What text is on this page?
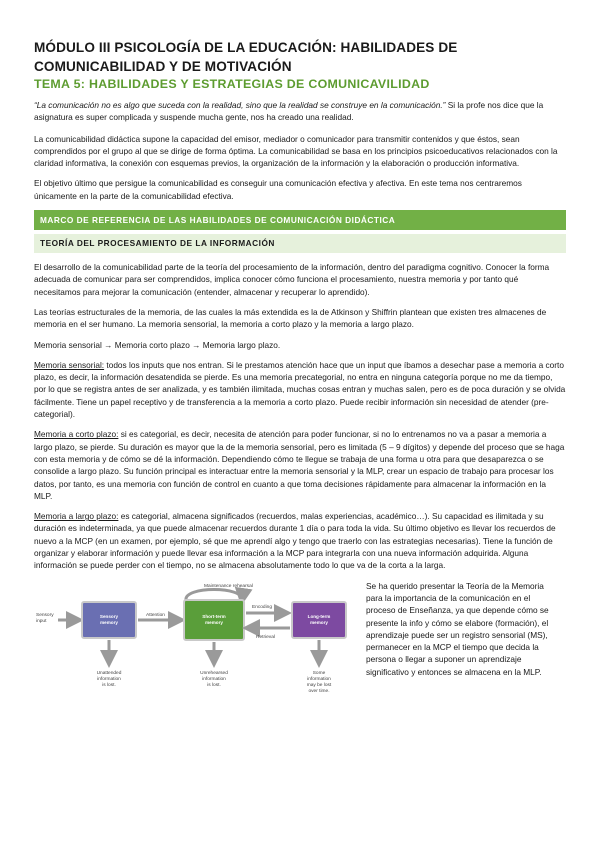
MÓDULO III PSICOLOGÍA DE LA EDUCACIÓN: HABILIDADES DE
COMUNICABILIDAD Y DE MOTIVACIÓN
TEMA 5: HABILIDADES Y ESTRATEGIAS DE COMUNICAVILIDAD
“La comunicación no es algo que suceda con la realidad, sino que la realidad se construye en la comunicación.” Si la profe nos dice que la asignatura es super complicada y suspende mucha gente, nos ha creado una realidad.

La comunicabilidad didáctica supone la capacidad del emisor, mediador o comunicador para transmitir contenidos y que éstos, sean comprendidos por el grupo al que se dirige de forma óptima. La comunicabilidad se basa en los principios psicoeducativos relacionados con la claridad informativa, la conexión con esquemas previos, la organización de la información y la elaboración o producción informativa.

El objetivo último que persigue la comunicabilidad es conseguir una comunicación efectiva y afectiva. En este tema nos centraremos únicamente en la parte de la comunicabilidad efectiva.

MARCO DE REFERENCIA DE LAS HABILIDADES DE COMUNICACIÓN DIDÁCTICA
TEORÍA DEL PROCESAMIENTO DE LA INFORMACIÓN

El desarrollo de la comunicabilidad parte de la teoría del procesamiento de la información, dentro del paradigma cognitivo. Conocer la forma adecuada de comunicar para ser comprendidos, implica conocer cómo funciona el procesamiento, nuestra memoria y por tanto qué necesitamos para mejorar la comunicación (entender, almacenar y recuperar lo aprendido).

Las teorías estructurales de la memoria, de las cuales la más extendida es la de Atkinson y Shiffrin plantean que existen tres almacenes de memoria en el ser humano. La memoria sensorial, la memoria a corto plazo y la memoria a largo plazo.

Memoria sensorial → Memoria corto plazo → Memoria largo plazo.

Memoria sensorial: todos los inputs que nos entran. Si le prestamos atención hace que un input que íbamos a desechar pase a memoria a corto plazo, es decir, la información desatendida se pierde. Es una memoria precategorial, no entra en ninguna categoría porque no me da tiempo, por lo que se registra antes de ser analizada, y es también ilimitada, muchas cosas entran y muchas salen, pero es de poca duración y se olvida fácilmente. Tiene un papel receptivo y de transferencia a la memoria a corto plazo. Puede recibir información sin necesidad de atender (pre-categorial).

Memoria a corto plazo: si es categorial, es decir, necesita de atención para poder funcionar, si no lo entrenamos no va a pasar a memoria a largo plazo, se pierde. Su duración es mayor que la de la memoria sensorial, pero es limitada (5 – 9 dígitos) y depende del proceso que se haga con esta memoria y de cómo se dé la información. Dependiendo cómo te llegue se trabaja de una forma u otra para que desaparezca o se consolide a largo plazo. Su función principal es interactuar entre la memoria sensorial y la MLP, crear un espacio de trabajo para procesar los datos, por tanto, es una memoria con función de control en cuanto a que toma decisiones rápidamente para almacenar la información en la MLP.

Memoria a largo plazo: es categorial, almacena significados (recuerdos, malas experiencias, académico…). Su capacidad es ilimitada y su duración es indeterminada, ya que puede almacenar recuerdos durante 1 día o para toda la vida. Su último objetivo es llevar los recuerdos de nuevo a la MCP (en un examen, por ejemplo, sé que me aprendí algo y tengo que traerlo con las estrategias necesarias). Tiene la función de organizar y elaborar información y puede llevar esa información a la MCP para integrarla con una nueva información adquirida. Alguna información se puede perder con el tiempo, no se almacena absolutamente todo lo que va de la corta a la larga.

Maintenance rehearsal
Sensory
input
Sensory
memory
Attention	Short-term
memory
Encoding
Retrieval
Long-term
memory
Unattended
information
is lost.
Unrehearsed
information
is lost.
Some
information
may be lost
over time.

Se ha querido presentar la Teoría de la Memoria para la importancia de la comunicación en el proceso de Enseñanza, ya que depende cómo se presente la info y cómo se elabore (formación), el aprendizaje puede ser un registro sensorial (MS), permanecer en la MCP el tiempo que decida la persona o llegar a suponer un aprendizaje significativo y entonces se almacena en la MLP.
